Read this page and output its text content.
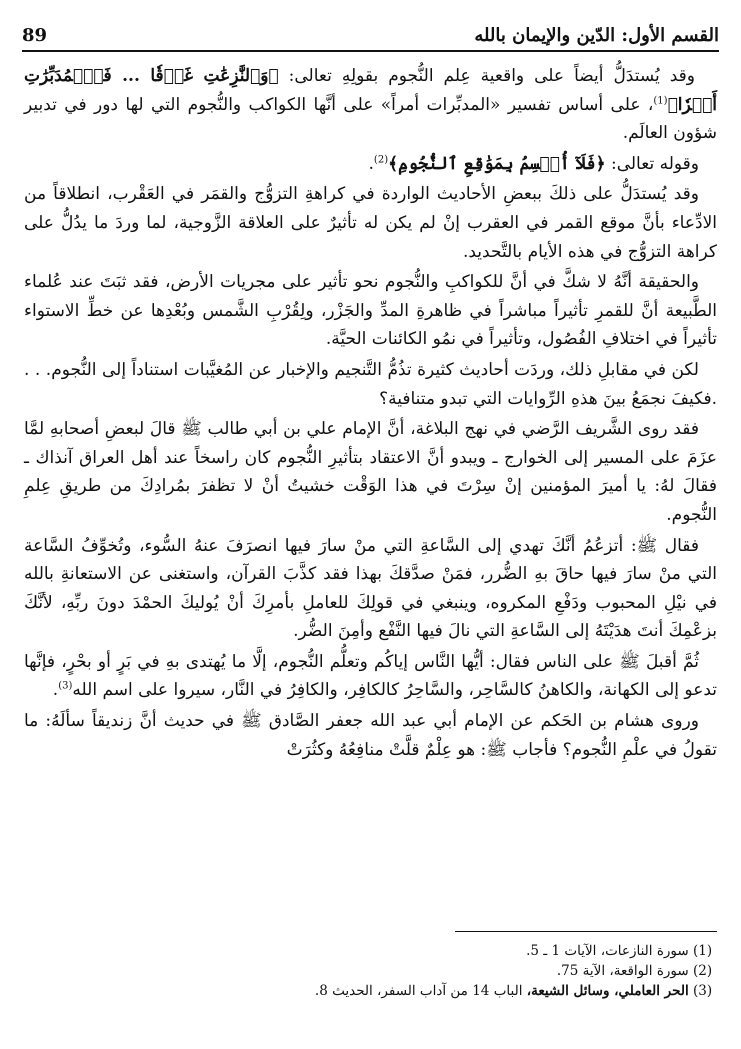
89	القسم الأول: الدّين والإيمان بالله

وقد يُستدَلُّ أيضاً على واقعية عِلم النُّجوم بقولِهِ تعالى: ﴿وَٱلنَّٰزِعَٰتِ غَرۡقٗا ... فَٱلۡمُدَبِّرَٰتِ أَمۡرٗا﴾$^{(1)}$، على أساس تفسير «المدبِّرات أمراً» على أنَّها الكواكب والنُّجوم التي لها دور في تدبير شؤون العالَم.

وقوله تعالى: ﴿فَلَآ أُقۡسِمُ بِمَوَٰقِعِ ٱلنُّجُومِ﴾$^{(2)}$.

وقد يُستدَلُّ على ذلكَ ببعضِ الأحاديث الواردة في كراهةِ التزوُّج والقمَر في العَقْرب، انطلاقاً من الادِّعاء بأنَّ موقع القمر في العقرب إنْ لم يكن له تأثيرٌ على العلاقة الزَّوجية، لما وردَ ما يدُلُّ على كراهة التزوُّج في هذه الأيام بالتَّحديد.

والحقيقة أنَّهُ لا شكَّ في أنَّ للكواكبِ والنُّجوم نحو تأثير على مجريات الأرض، فقد ثبَتَ عند عُلماء الطَّبيعة أنَّ للقمرِ تأثيراً مباشراً في ظاهرةِ المدِّ والجَزْر، ولِقُرْبِ الشَّمس وبُعْدِها عن خطِّ الاستواء تأثيراً في اختلافِ الفُصُول، وتأثيراً في نمُو الكائنات الحيَّة.

لكن في مقابلِ ذلك، وردَت أحاديث كثيرة تذُمُّ التَّنجيم والإخبار عن المُغيَّبات استناداً إلى النُّجوم. . . .فكيفَ نجمَعُ بينَ هذهِ الرِّوايات التي تبدو متنافية؟

فقد روى الشَّريف الرَّضي في نهج البلاغة، أنَّ الإمام علي بن أبي طالب ﷺ قالَ لبعضِ أصحابهِ لمَّا عزَمَ على المسير إلى الخوارج ـ ويبدو أنَّ الاعتقاد بتأثيرِ النُّجوم كان راسخاً عند أهل العراق آنذاك ـ فقالَ لهُ: يا أميرَ المؤمنين إنْ سِرْتَ في هذا الوَقْت خشيتُ أنْ لا تظفرَ بمُرادِكَ من طريقِ عِلمِ النُّجوم.

فقال ﷺ: أتزعُمُ أنَّكَ تهدي إلى السَّاعةِ التي منْ سارَ فيها انصرَفَ عنهُ السُّوء، وتُخوِّفُ السَّاعة التي منْ سارَ فيها حاقَ بهِ الضُّرر، فمَنْ صدَّقكَ بهذا فقد كذَّبَ القرآن، واستغنى عن الاستعانةِ بالله في نيْلِ المحبوب ودَفْعِ المكروه، وينبغي في قولِكَ للعاملِ بأمرِكَ أنْ يُوليكَ الحمْدَ دونَ ربِّهِ، لأنَّكَ بزعْمِكَ أنتَ هدَيْتَهُ إلى السَّاعةِ التي نالَ فيها النَّفْع وأمِنَ الضُّر.

ثُمَّ أقبلَ ﷺ على الناس فقال: أيُّها النَّاس إياكُم وتعلُّم النُّجوم، إلَّا ما يُهتدى بهِ في بَرٍ أو بحْرٍ، فإنَّها تدعو إلى الكهانة، والكاهنُ كالسَّاحِر، والسَّاحِرُ كالكافِر، والكافِرُ في النَّار، سيروا على اسم الله$^{(3)}$.

وروى هشام بن الحَكم عن الإمام أبي عبد الله جعفر الصَّادق ﷺ في حديث أنَّ زنديقاً سألَهُ: ما تقولُ في علْمِ النُّجوم؟ فأجاب ﷺ: هو عِلْمٌ قلَّتْ منافِعُهُ وكثُرَتْ

(1) سورة النازعات، الآيات 1 ـ 5.

(2) سورة الواقعة، الآية 75.

(3) الحر العاملي، وسائل الشيعة، الباب 14 من آداب السفر، الحديث 8.
